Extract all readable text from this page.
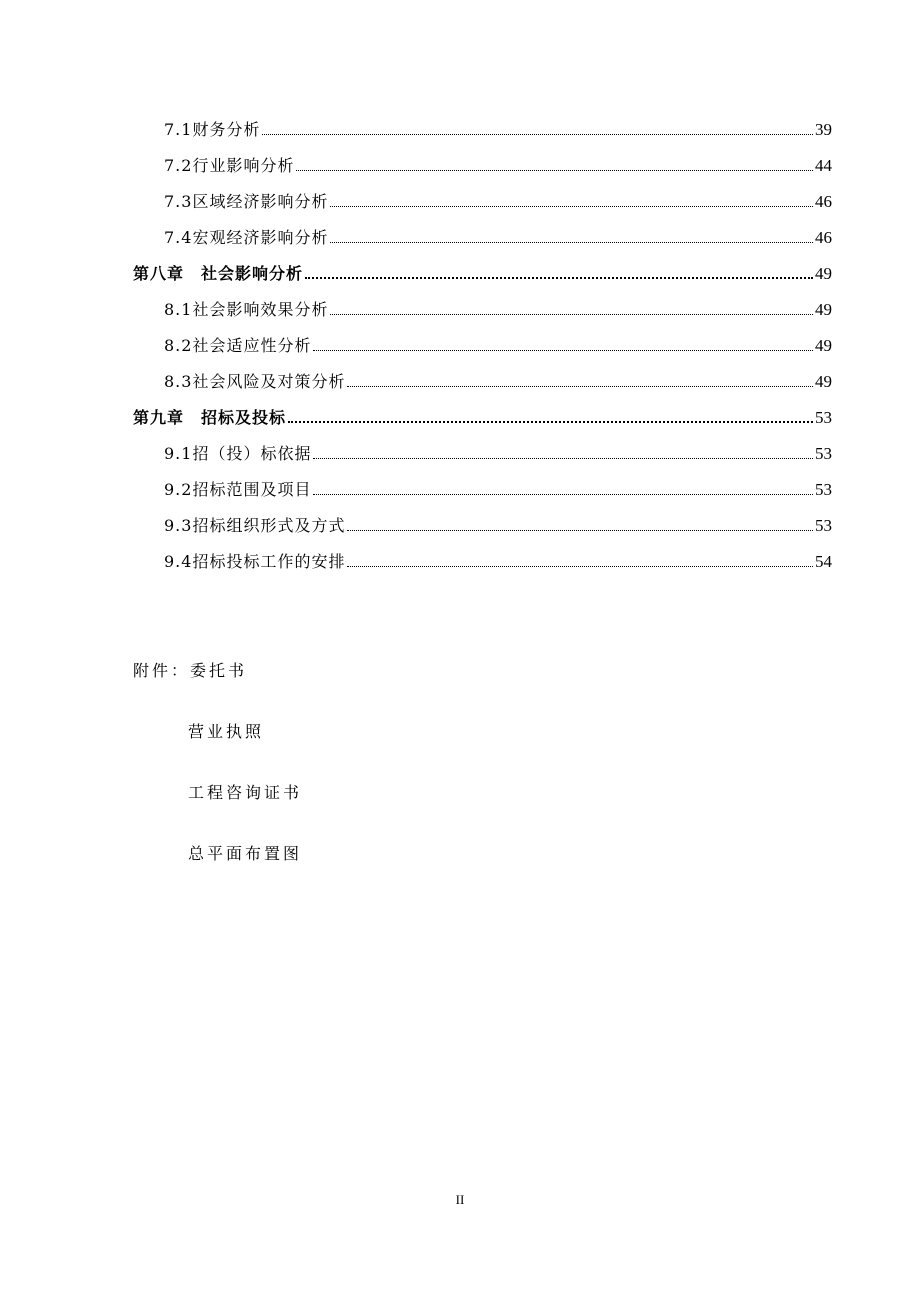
7.1财务分析	39
7.2行业影响分析	44
7.3区域经济影响分析	46
7.4宏观经济影响分析	46
第八章　社会影响分析	49
8.1社会影响效果分析	49
8.2社会适应性分析	49
8.3社会风险及对策分析	49
第九章　招标及投标	53
9.1招（投）标依据	53
9.2招标范围及项目	53
9.3招标组织形式及方式	53
9.4招标投标工作的安排	54
附件：委托书
营业执照
工程咨询证书
总平面布置图
II
